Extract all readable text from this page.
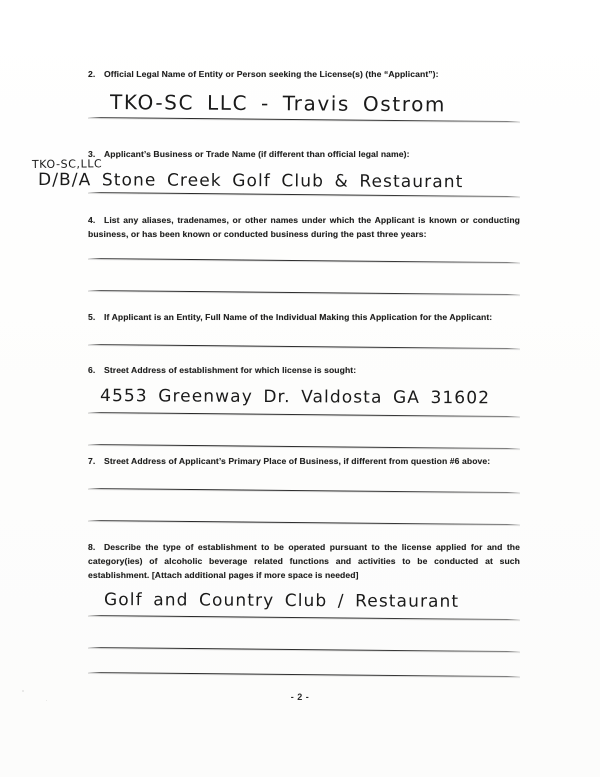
2. Official Legal Name of Entity or Person seeking the License(s) (the “Applicant”):
TKO-SC LLC - Travis Ostrom
3. Applicant’s Business or Trade Name (if different than official legal name):
TKO-SC,LLC
D/B/A Stone Creek Golf Club & Restaurant
4. List any aliases, tradenames, or other names under which the Applicant is known or conducting business, or has been known or conducted business during the past three years:
5. If Applicant is an Entity, Full Name of the Individual Making this Application for the Applicant:
6. Street Address of establishment for which license is sought:
4553 Greenway Dr. Valdosta GA 31602
7. Street Address of Applicant’s Primary Place of Business, if different from question #6 above:
8. Describe the type of establishment to be operated pursuant to the license applied for and the category(ies) of alcoholic beverage related functions and activities to be conducted at such establishment. [Attach additional pages if more space is needed]
Golf and Country Club / Restaurant
- 2 -
